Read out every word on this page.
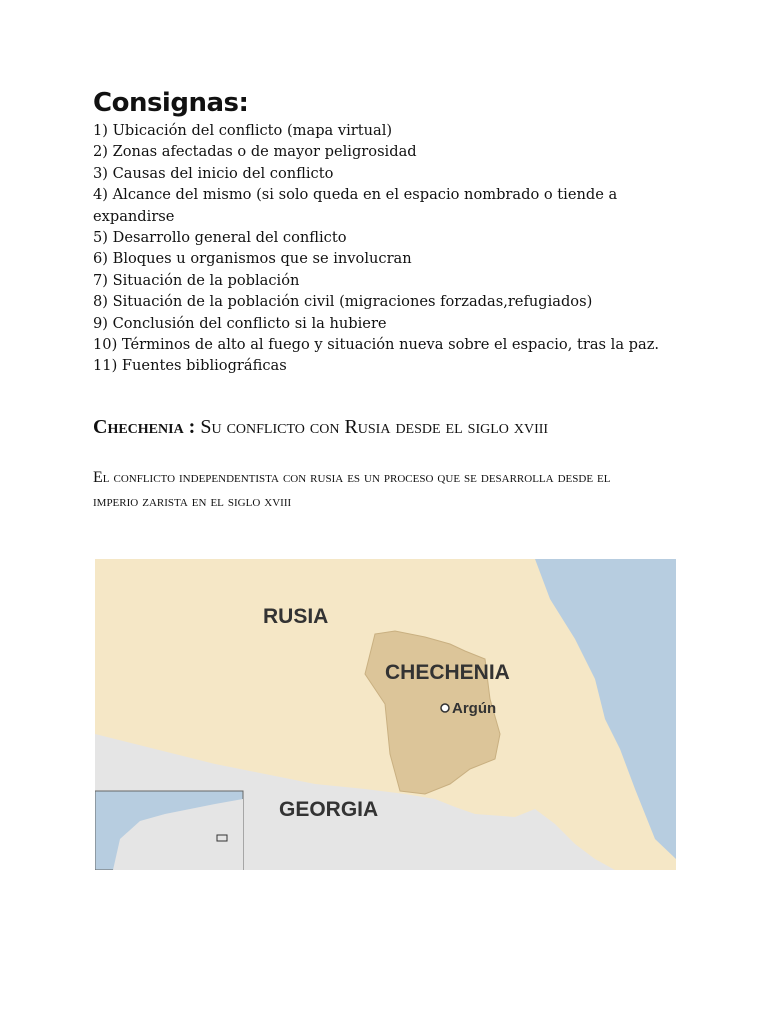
Consignas:
1) Ubicación del conflicto (mapa virtual)
2) Zonas afectadas o de mayor peligrosidad
3) Causas del inicio del conflicto
4) Alcance del mismo (si solo queda en el espacio nombrado o tiende a expandirse
5) Desarrollo general del conflicto
6) Bloques u organismos que se involucran
7) Situación de la población
8) Situación de la población civil (migraciones forzadas,refugiados)
9) Conclusión del conflicto si la hubiere
10) Términos de alto al fuego y situación nueva sobre el espacio, tras la paz.
11) Fuentes bibliográficas
Chechenia : Su conflicto con Rusia desde el siglo xviii
El conflicto independentista con rusia es un proceso que se desarrolla desde el imperio zarista en el siglo xviii
RUSIA
CHECHENIA
Argún
GEORGIA
